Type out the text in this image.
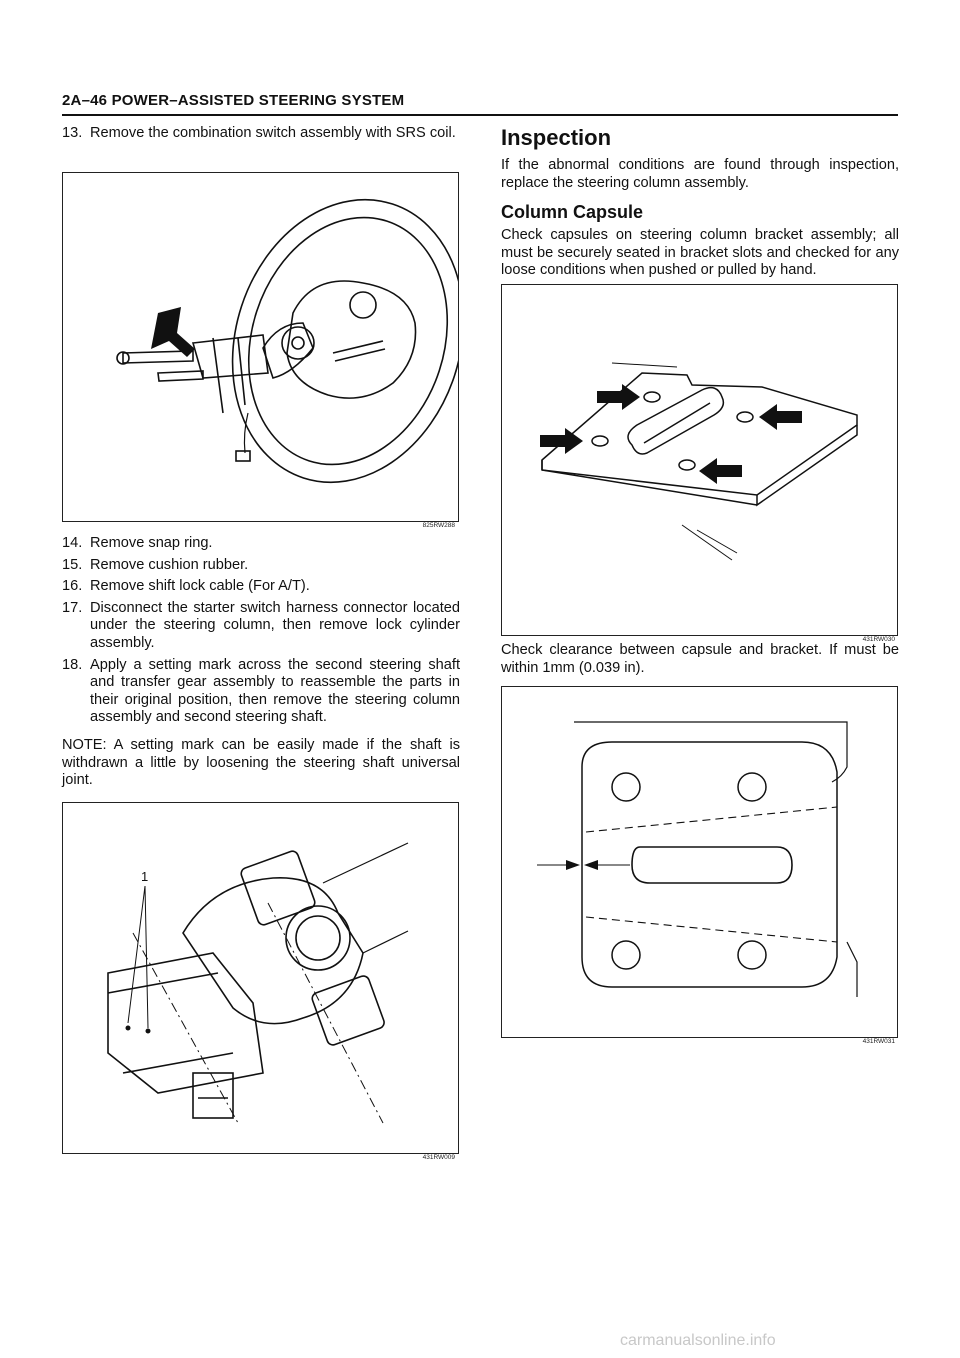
2A–46 POWER–ASSISTED STEERING SYSTEM
13. Remove the combination switch assembly with SRS coil.
825RW288
14. Remove snap ring.
15. Remove cushion rubber.
16. Remove shift lock cable (For A/T).
17. Disconnect the starter switch harness connector located under the steering column, then remove lock cylinder assembly.
18. Apply a setting mark across the second steering shaft and transfer gear assembly to reassemble the parts in their original position, then remove the steering column assembly and second steering shaft.
NOTE: A setting mark can be easily made if the shaft is withdrawn a little by loosening the steering shaft universal joint.
1
431RW009
Inspection
If the abnormal conditions are found through inspection, replace the steering column assembly.
Column Capsule
Check capsules on steering column bracket assembly; all must be securely seated in bracket slots and checked for any loose conditions when pushed or pulled by hand.
431RW030
Check clearance between capsule and bracket. If must be within 1mm (0.039 in).
431RW031
carmanualsonline.info
